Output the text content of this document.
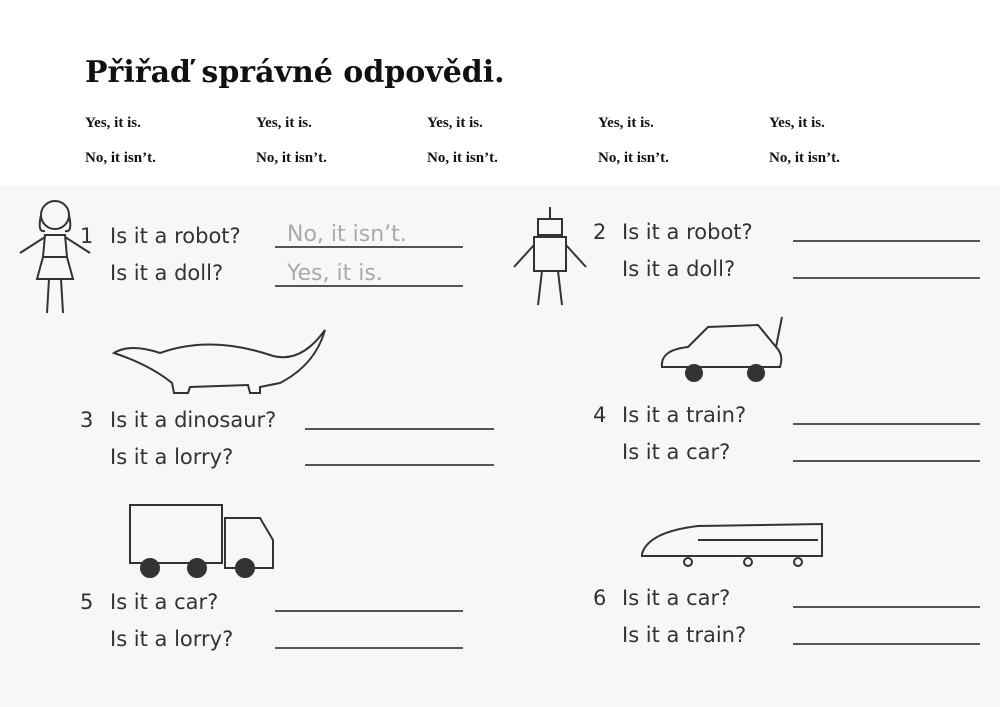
Přiřaď správné odpovědi.
Yes, it is.	Yes, it is.	Yes, it is.	Yes, it is.	Yes, it is.
No, it isn’t.	No, it isn’t.	No, it isn’t.	No, it isn’t.	No, it isn’t.
1 Is it a robot?	No, it isn’t.
Is it a doll?	Yes, it is.
2 Is it a robot?
Is it a doll?
3 Is it a dinosaur?
Is it a lorry?
4 Is it a train?
Is it a car?
5 Is it a car?
Is it a lorry?
6 Is it a car?
Is it a train?
